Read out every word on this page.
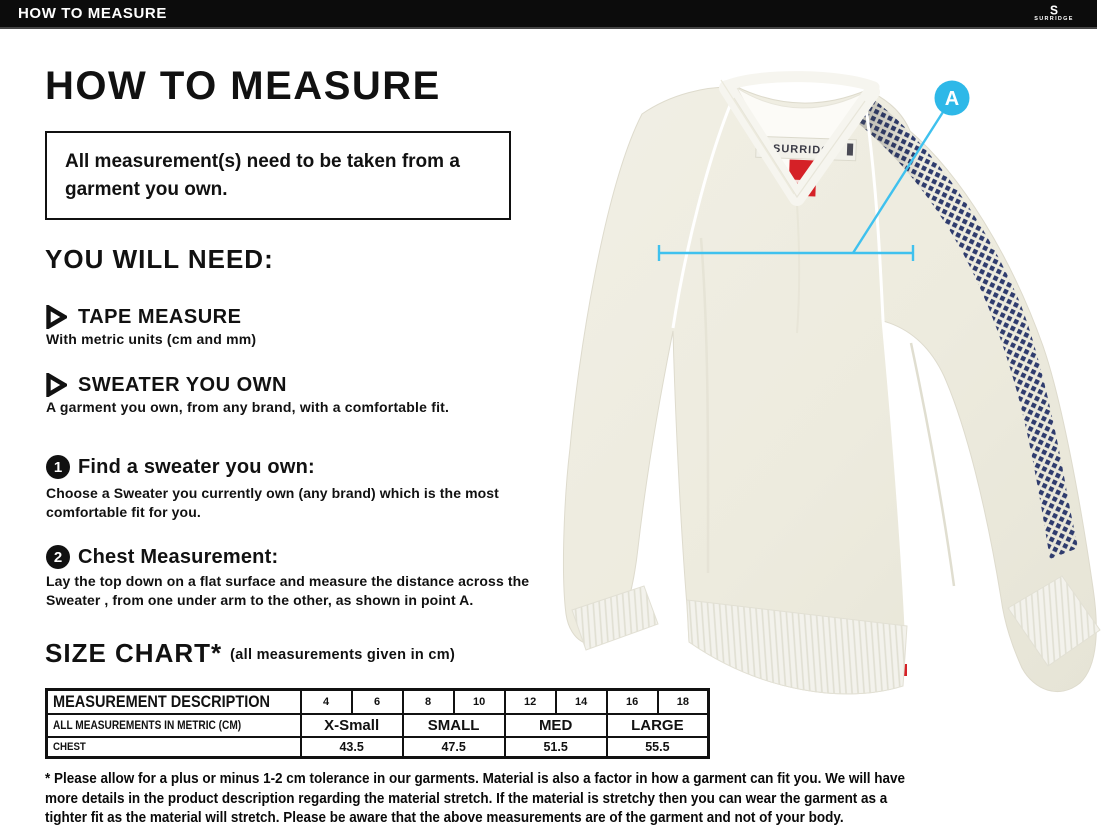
HOW TO MEASURE	S
SURRIDGE
HOW TO MEASURE
All measurement(s) need to be taken from a garment you own.
YOU WILL NEED:
TAPE MEASURE
With metric units (cm and mm)
SWEATER YOU OWN
A garment you own, from any brand, with a comfortable fit.
1 Find a sweater you own:
Choose a Sweater you currently own (any brand) which is the most comfortable fit for you.
2 Chest Measurement:
Lay the top down on a flat surface and measure the distance across the Sweater , from one under arm to the other, as shown in point A.
SIZE CHART* (all measurements given in cm)
MEASUREMENT DESCRIPTION	4	6	8	10	12	14	16	18
ALL MEASUREMENTS IN METRIC (CM)	X-Small		SMALL		MED		LARGE	
CHEST	43.5		47.5		51.5		55.5	
* Please allow for a plus or minus 1-2 cm tolerance in our garments. Material is also a factor in how a garment can fit you. We will have
more details in the product description regarding the material stretch. If the material is stretchy then you can wear the garment as a
tighter fit as the material will stretch. Please be aware that the above measurements are of the garment and not of your body.
SURRIDGE
A
